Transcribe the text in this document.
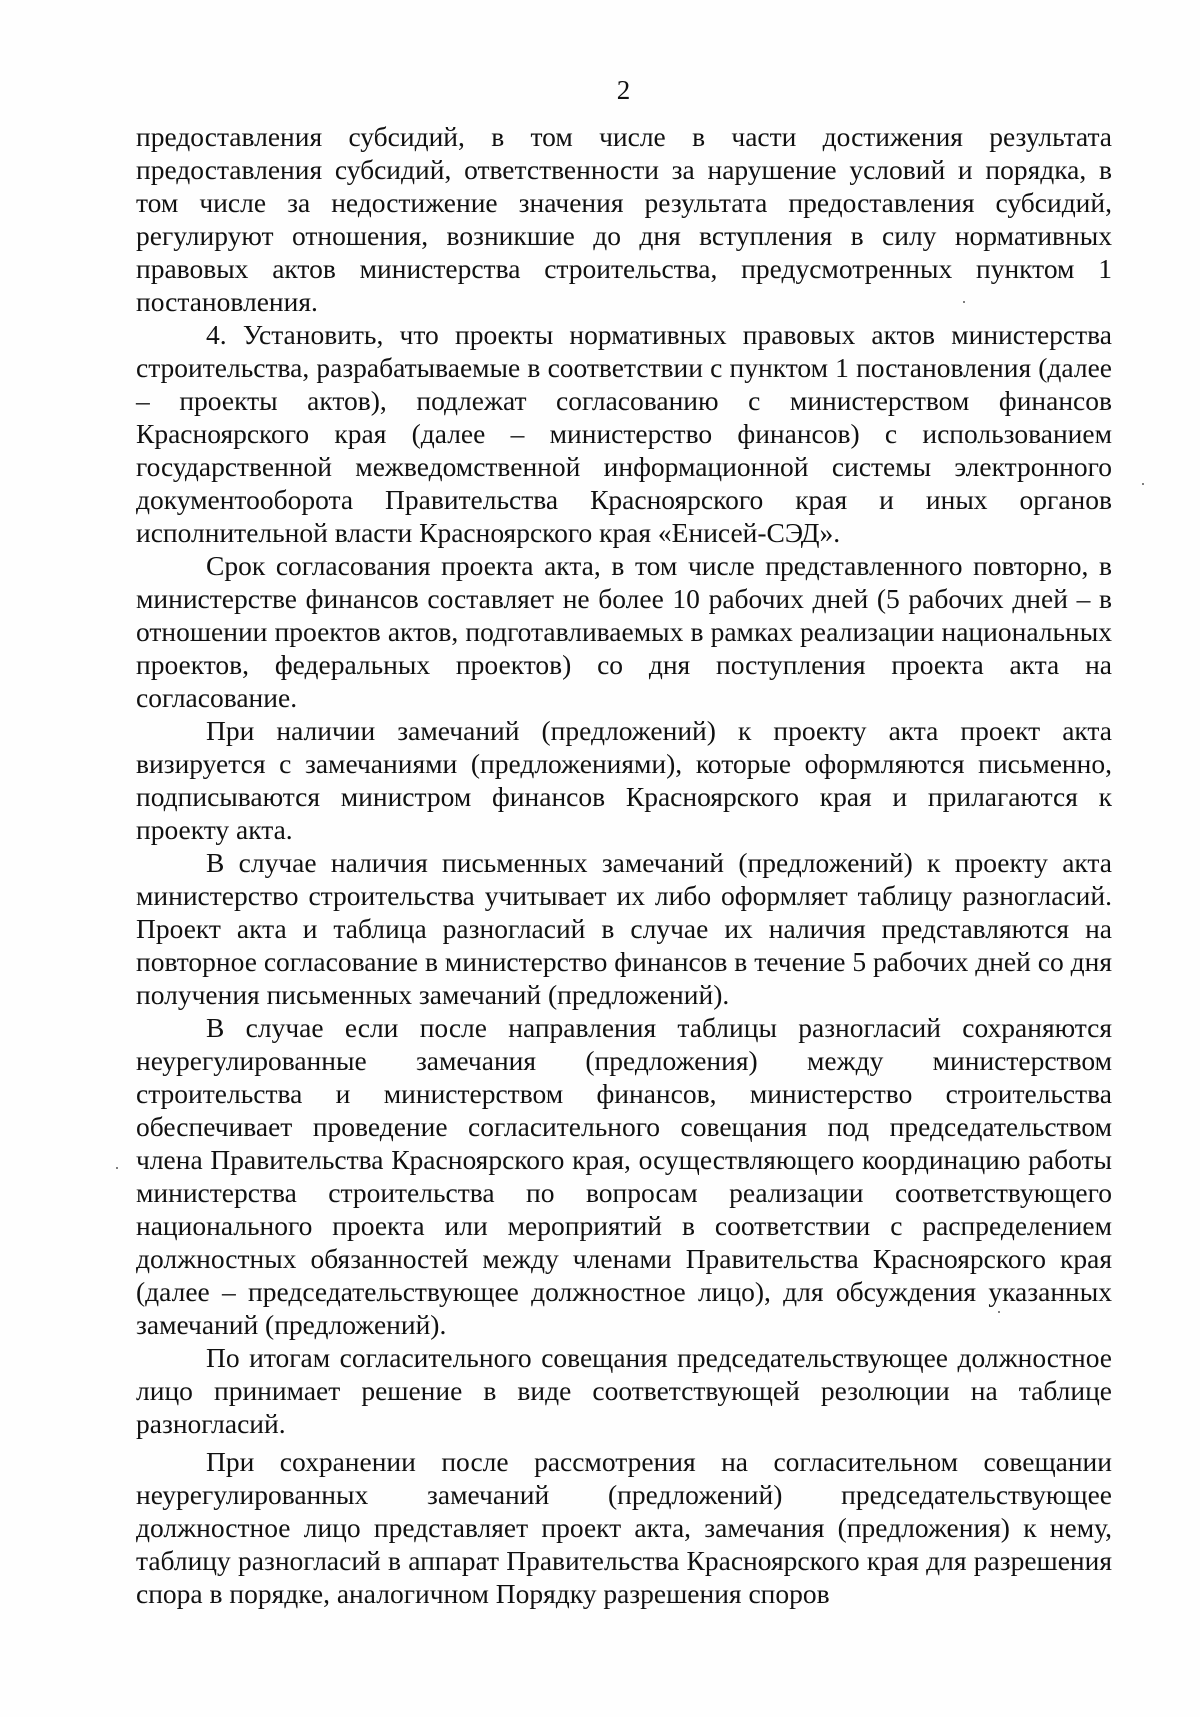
2

предоставления субсидий, в том числе в части достижения результата предоставления субсидий, ответственности за нарушение условий и порядка, в том числе за недостижение значения результата предоставления субсидий, регулируют отношения, возникшие до дня вступления в силу нормативных правовых актов министерства строительства, предусмотренных пунктом 1 постановления.

4. Установить, что проекты нормативных правовых актов министерства строительства, разрабатываемые в соответствии с пунктом 1 постановления (далее – проекты актов), подлежат согласованию с министерством финансов Красноярского края (далее – министерство финансов) с использованием государственной межведомственной информационной системы электронного документооборота Правительства Красноярского края и иных органов исполнительной власти Красноярского края «Енисей-СЭД».

Срок согласования проекта акта, в том числе представленного повторно, в министерстве финансов составляет не более 10 рабочих дней (5 рабочих дней – в отношении проектов актов, подготавливаемых в рамках реализации национальных проектов, федеральных проектов) со дня поступления проекта акта на согласование.

При наличии замечаний (предложений) к проекту акта проект акта визируется с замечаниями (предложениями), которые оформляются письменно, подписываются министром финансов Красноярского края и прилагаются к проекту акта.

В случае наличия письменных замечаний (предложений) к проекту акта министерство строительства учитывает их либо оформляет таблицу разногласий. Проект акта и таблица разногласий в случае их наличия представляются на повторное согласование в министерство финансов в течение 5 рабочих дней со дня получения письменных замечаний (предложений).

В случае если после направления таблицы разногласий сохраняются неурегулированные замечания (предложения) между министерством строительства и министерством финансов, министерство строительства обеспечивает проведение согласительного совещания под председательством члена Правительства Красноярского края, осуществляющего координацию работы министерства строительства по вопросам реализации соответствующего национального проекта или мероприятий в соответствии с распределением должностных обязанностей между членами Правительства Красноярского края (далее – председательствующее должностное лицо), для обсуждения указанных замечаний (предложений).

По итогам согласительного совещания председательствующее должностное лицо принимает решение в виде соответствующей резолюции на таблице разногласий.

При сохранении после рассмотрения на согласительном совещании неурегулированных замечаний (предложений) председательствующее должностное лицо представляет проект акта, замечания (предложения) к нему, таблицу разногласий в аппарат Правительства Красноярского края для разрешения спора в порядке, аналогичном Порядку разрешения споров
